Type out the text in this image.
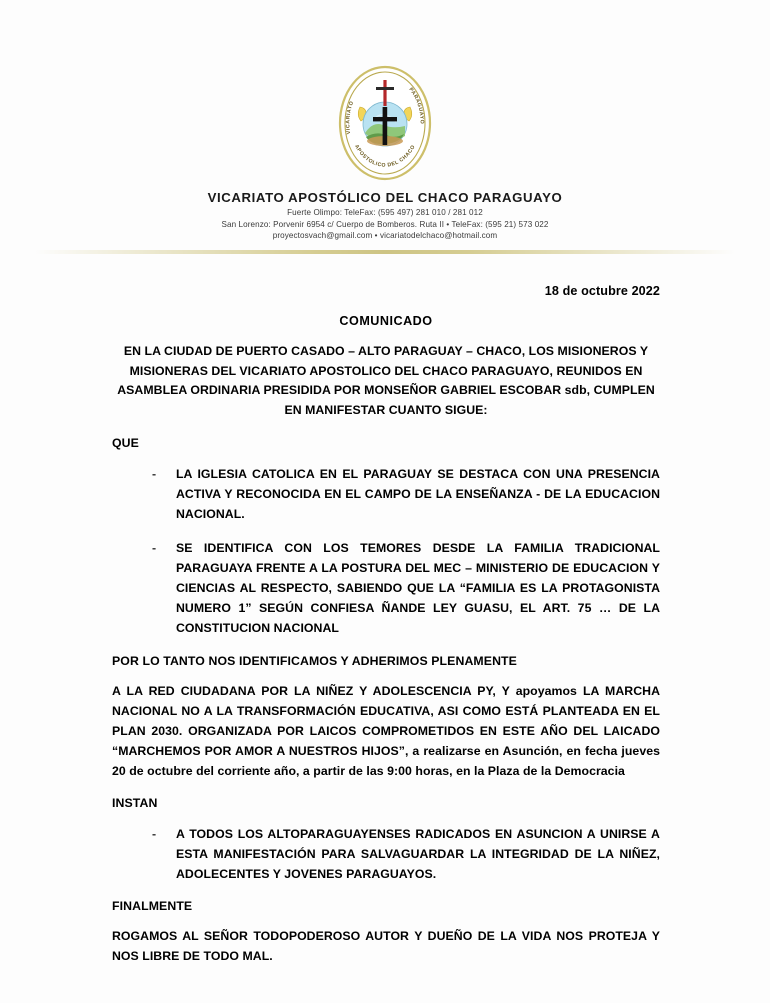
VICARIATO
PARAGUAYO
APOSTOLICO DEL CHACO
VICARIATO APOSTÓLICO DEL CHACO PARAGUAYO
Fuerte Olimpo: TeleFax: (595 497) 281 010 / 281 012
San Lorenzo: Porvenir 6954 c/ Cuerpo de Bomberos. Ruta II • TeleFax: (595 21) 573 022
proyectosvach@gmail.com • vicariatodelchaco@hotmail.com
18 de octubre 2022
COMUNICADO
EN LA CIUDAD DE PUERTO CASADO – ALTO PARAGUAY – CHACO, LOS MISIONEROS Y MISIONERAS DEL VICARIATO APOSTOLICO DEL CHACO PARAGUAYO, REUNIDOS EN ASAMBLEA ORDINARIA PRESIDIDA POR MONSEÑOR GABRIEL ESCOBAR sdb, CUMPLEN EN MANIFESTAR CUANTO SIGUE:
QUE
- LA IGLESIA CATOLICA EN EL PARAGUAY SE DESTACA CON UNA PRESENCIA ACTIVA Y RECONOCIDA EN EL CAMPO DE LA ENSEÑANZA - DE LA EDUCACION NACIONAL.
- SE IDENTIFICA CON LOS TEMORES DESDE LA FAMILIA TRADICIONAL PARAGUAYA FRENTE A LA POSTURA DEL MEC – MINISTERIO DE EDUCACION Y CIENCIAS AL RESPECTO, SABIENDO QUE LA “FAMILIA ES LA PROTAGONISTA NUMERO 1” SEGÚN CONFIESA ÑANDE LEY GUASU, EL ART. 75 … DE LA CONSTITUCION NACIONAL
POR LO TANTO NOS IDENTIFICAMOS Y ADHERIMOS PLENAMENTE
A LA RED CIUDADANA POR LA NIÑEZ Y ADOLESCENCIA PY, Y apoyamos LA MARCHA NACIONAL NO A LA TRANSFORMACIÓN EDUCATIVA, ASI COMO ESTÁ PLANTEADA EN EL PLAN 2030. ORGANIZADA POR LAICOS COMPROMETIDOS EN ESTE AÑO DEL LAICADO “MARCHEMOS POR AMOR A NUESTROS HIJOS”, a realizarse en Asunción, en fecha jueves 20 de octubre del corriente año, a partir de las 9:00 horas, en la Plaza de la Democracia
INSTAN
- A TODOS LOS ALTOPARAGUAYENSES RADICADOS EN ASUNCION A UNIRSE A ESTA MANIFESTACIÓN PARA SALVAGUARDAR LA INTEGRIDAD DE LA NIÑEZ, ADOLECENTES Y JOVENES PARAGUAYOS.
FINALMENTE
ROGAMOS AL SEÑOR TODOPODEROSO AUTOR Y DUEÑO DE LA VIDA NOS PROTEJA Y NOS LIBRE DE TODO MAL.
